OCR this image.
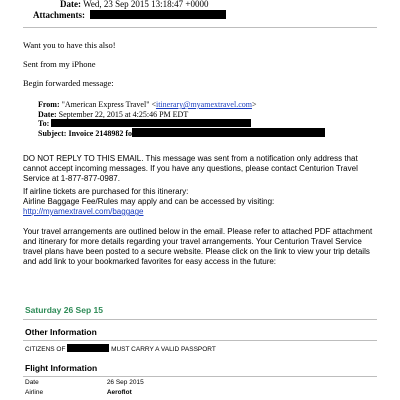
Date: Wed, 23 Sep 2015 13:18:47 +0000
Attachments:
Want you to have this also!
Sent from my iPhone
Begin forwarded message:
From: "American Express Travel" <itinerary@myamextravel.com>
Date: September 22, 2015 at 4:25:46 PM EDT
To:
Subject: Invoice 2148982 fo
DO NOT REPLY TO THIS EMAIL. This message was sent from a notification only address that
cannot accept incoming messages. If you have any questions, please contact Centurion Travel
Service at 1-877-877-0987.
If airline tickets are purchased for this itinerary:
Airline Baggage Fee/Rules may apply and can be accessed by visiting:
http://myamextravel.com/baggage
Your travel arrangements are outlined below in the email. Please refer to attached PDF attachment
and itinerary for more details regarding your travel arrangements. Your Centurion Travel Service
travel plans have been posted to a secure website. Please click on the link to view your trip details
and add link to your bookmarked favorites for easy access in the future:
Saturday 26 Sep 15
Other Information
CITIZENS OF	MUST CARRY A VALID PASSPORT
Flight Information
Date	26 Sep 2015
Airline	Aeroflot
